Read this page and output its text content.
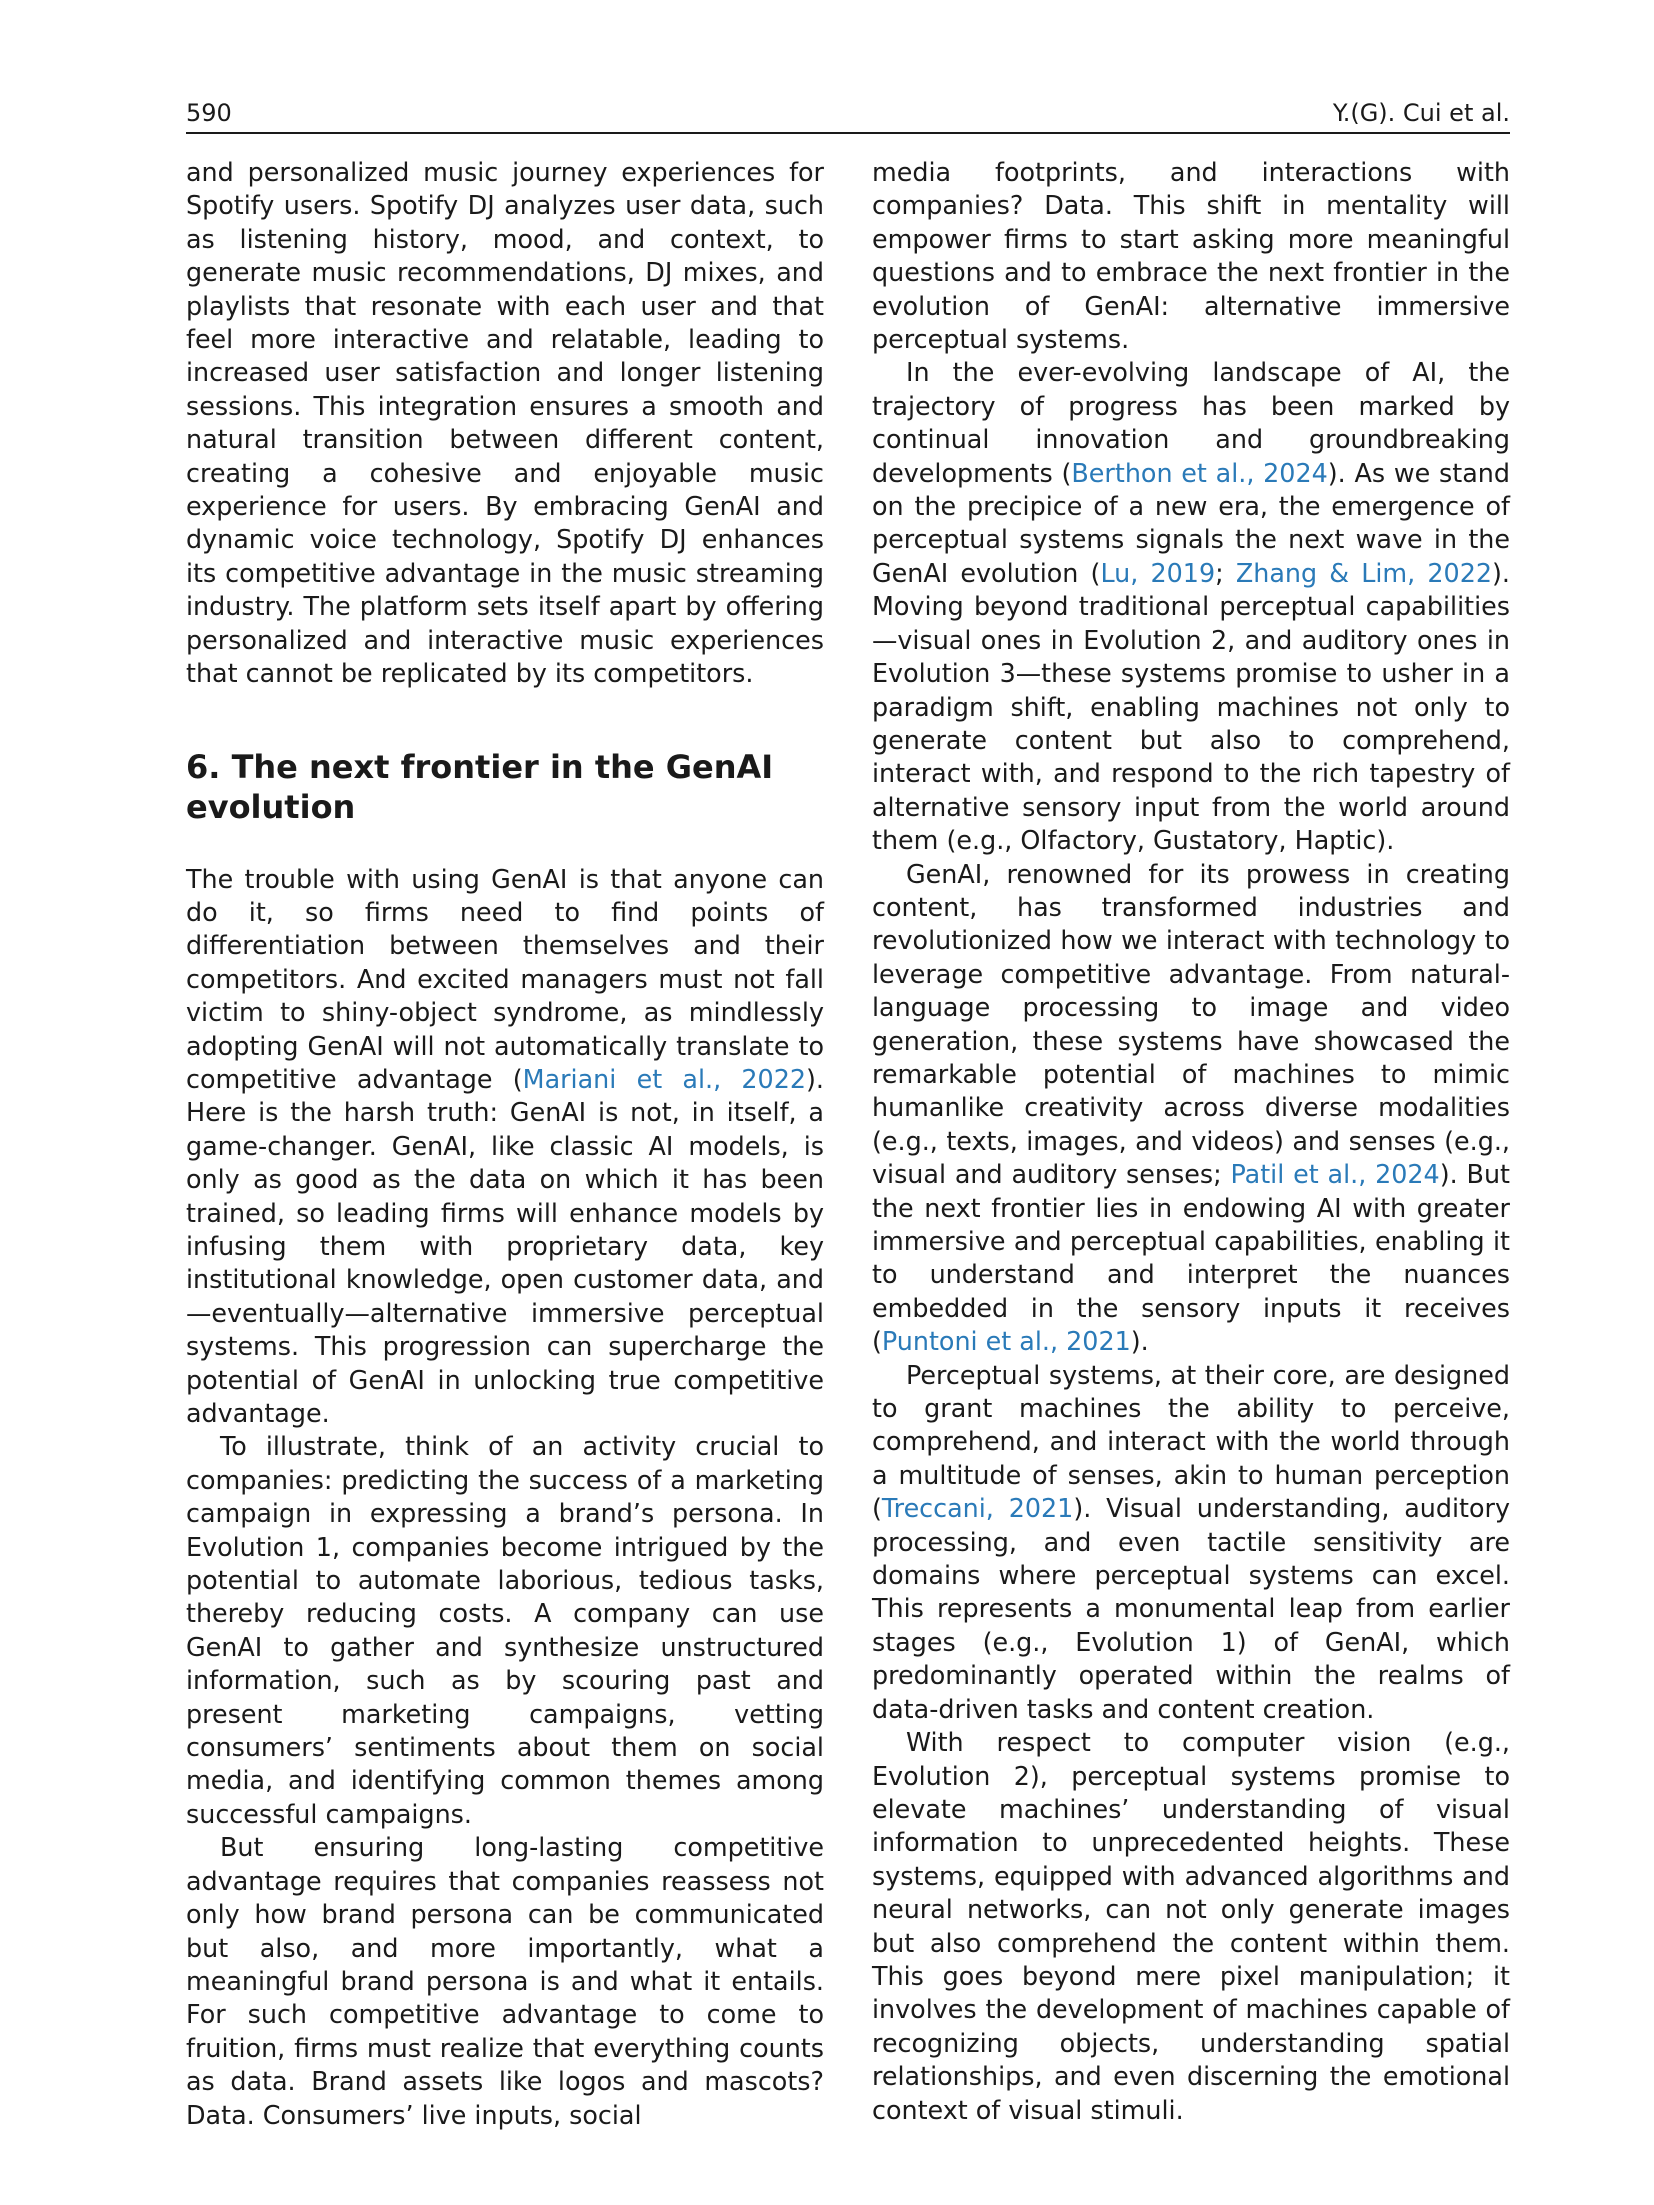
590	Y.(G). Cui et al.

and personalized music journey experiences for Spotify users. Spotify DJ analyzes user data, such as listening history, mood, and context, to generate music recommendations, DJ mixes, and playlists that resonate with each user and that feel more interactive and relatable, leading to increased user satisfaction and longer listening sessions. This integration ensures a smooth and natural transition between different content, creating a cohesive and enjoyable music experience for users. By embracing GenAI and dynamic voice technology, Spotify DJ enhances its competitive advantage in the music streaming industry. The platform sets itself apart by offering personalized and interactive music experiences that cannot be replicated by its competitors.

6. The next frontier in the GenAI evolution

The trouble with using GenAI is that anyone can do it, so firms need to find points of differentiation between themselves and their competitors. And excited managers must not fall victim to shiny-object syndrome, as mindlessly adopting GenAI will not automatically translate to competitive advantage (Mariani et al., 2022). Here is the harsh truth: GenAI is not, in itself, a game-changer. GenAI, like classic AI models, is only as good as the data on which it has been trained, so leading firms will enhance models by infusing them with proprietary data, key institutional knowledge, open customer data, and—eventually—alternative immersive perceptual systems. This progression can supercharge the potential of GenAI in unlocking true competitive advantage.

To illustrate, think of an activity crucial to companies: predicting the success of a marketing campaign in expressing a brand’s persona. In Evolution 1, companies become intrigued by the potential to automate laborious, tedious tasks, thereby reducing costs. A company can use GenAI to gather and synthesize unstructured information, such as by scouring past and present marketing campaigns, vetting consumers’ sentiments about them on social media, and identifying common themes among successful campaigns.

But ensuring long-lasting competitive advantage requires that companies reassess not only how brand persona can be communicated but also, and more importantly, what a meaningful brand persona is and what it entails. For such competitive advantage to come to fruition, firms must realize that everything counts as data. Brand assets like logos and mascots? Data. Consumers’ live inputs, social

media footprints, and interactions with companies? Data. This shift in mentality will empower firms to start asking more meaningful questions and to embrace the next frontier in the evolution of GenAI: alternative immersive perceptual systems.

In the ever-evolving landscape of AI, the trajectory of progress has been marked by continual innovation and groundbreaking developments (Berthon et al., 2024). As we stand on the precipice of a new era, the emergence of perceptual systems signals the next wave in the GenAI evolution (Lu, 2019; Zhang & Lim, 2022). Moving beyond traditional perceptual capabilities—visual ones in Evolution 2, and auditory ones in Evolution 3—these systems promise to usher in a paradigm shift, enabling machines not only to generate content but also to comprehend, interact with, and respond to the rich tapestry of alternative sensory input from the world around them (e.g., Olfactory, Gustatory, Haptic).

GenAI, renowned for its prowess in creating content, has transformed industries and revolutionized how we interact with technology to leverage competitive advantage. From natural-language processing to image and video generation, these systems have showcased the remarkable potential of machines to mimic humanlike creativity across diverse modalities (e.g., texts, images, and videos) and senses (e.g., visual and auditory senses; Patil et al., 2024). But the next frontier lies in endowing AI with greater immersive and perceptual capabilities, enabling it to understand and interpret the nuances embedded in the sensory inputs it receives (Puntoni et al., 2021).

Perceptual systems, at their core, are designed to grant machines the ability to perceive, comprehend, and interact with the world through a multitude of senses, akin to human perception (Treccani, 2021). Visual understanding, auditory processing, and even tactile sensitivity are domains where perceptual systems can excel. This represents a monumental leap from earlier stages (e.g., Evolution 1) of GenAI, which predominantly operated within the realms of data-driven tasks and content creation.

With respect to computer vision (e.g., Evolution 2), perceptual systems promise to elevate machines’ understanding of visual information to unprecedented heights. These systems, equipped with advanced algorithms and neural networks, can not only generate images but also comprehend the content within them. This goes beyond mere pixel manipulation; it involves the development of machines capable of recognizing objects, understanding spatial relationships, and even discerning the emotional context of visual stimuli.
